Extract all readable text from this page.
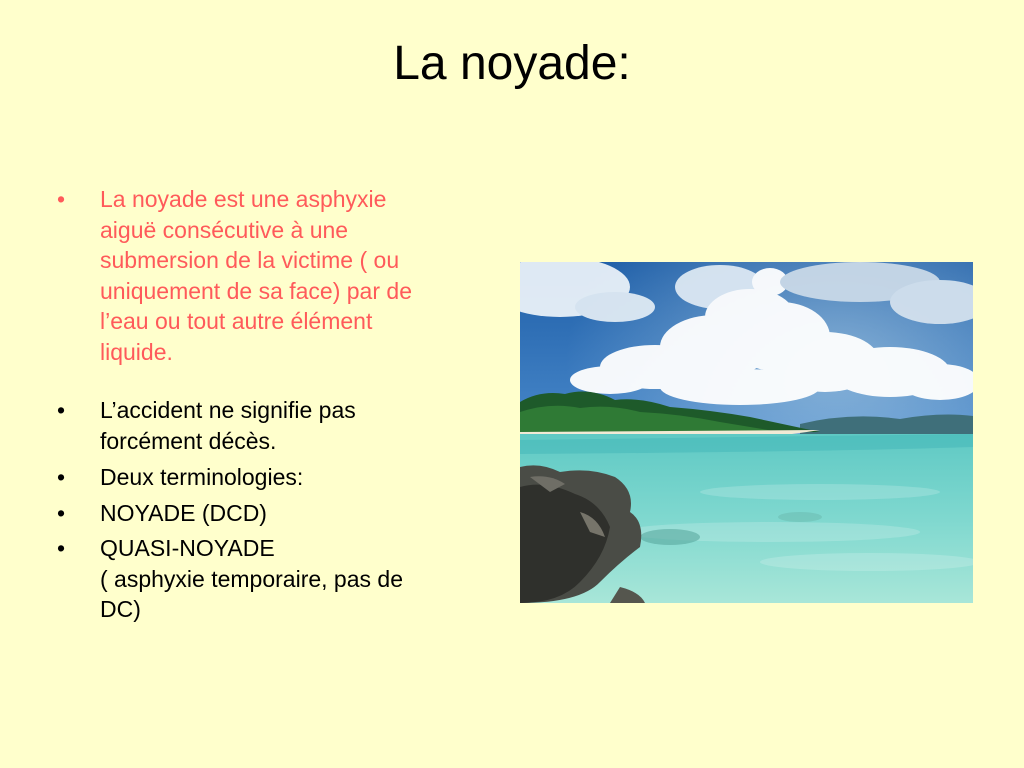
La noyade:
• La noyade est une asphyxie
aiguë consécutive à une
submersion de la victime ( ou
uniquement de sa face) par de
l’eau ou tout autre élément
liquide.
• L’accident ne signifie pas
forcément décès.
• Deux terminologies:
• NOYADE (DCD)
• QUASI-NOYADE
( asphyxie temporaire, pas de
DC)
